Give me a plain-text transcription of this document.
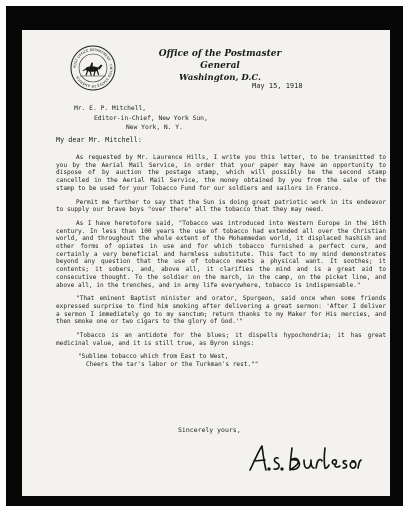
POST OFFICE DEPARTMENT · UNITED STATES OF AMERICA ·
Office of the Postmaster General
Washington, D.C.
May 15, 1918
Mr. E. P. Mitchell,
Editor-in-Chief, New York Sun,
New York, N. Y.
My dear Mr. Mitchell:

As requested by Mr. Laurence Hills, I write you this letter, to be transmitted to you by the Aerial Mail Service, in order that your paper may have an opportunity to dispose of by auction the postage stamp, which will possibly be the second stamp cancelled in the Aerial Mail Service, the money obtained by you from the sale of the stamp to be used for your Tobacco Fund for our soldiers and sailors in France.

Permit me further to say that the Sun is doing great patriotic work in its endeavor to supply our brave boys "over there" all the tobacco that they may need.

As I have heretofore said, "Tobacco was introduced into Western Europe in the 16th century. In less than 100 years the use of tobacco had extended all over the Christian world, and throughout the whole extent of the Mohammedan world, it displaced hashish and other forms of opiates in use and for which tobacco furnished a perfect cure, and certainly a very beneficial and harmless substitute. This fact to my mind demonstrates beyond any question that the use of tobacco meets a physical want. It soothes; it contents; it sobers, and, above all, it clarifies the mind and is a great aid to consecutive thought. To the soldier on the march, in the camp, on the picket line, and above all, in the trenches, and in army life everywhere, tobacco is indispensable."

"That eminent Baptist minister and orator, Spurgeon, said once when some friends expressed surprise to find him smoking after delivering a great sermon: 'After I deliver a sermon I immediately go to my sanctum; return thanks to my Maker for His mercies, and then smoke one or two cigars to the glory of God.'"

"Tobacco is an antidote for the blues; it dispells hypochondria; it has great medicinal value, and it is still true, as Byron sings:

"Sublime tobacco which from East to West,
Cheers the tar's labor or the Turkman's rest.""

Sincerely yours,
